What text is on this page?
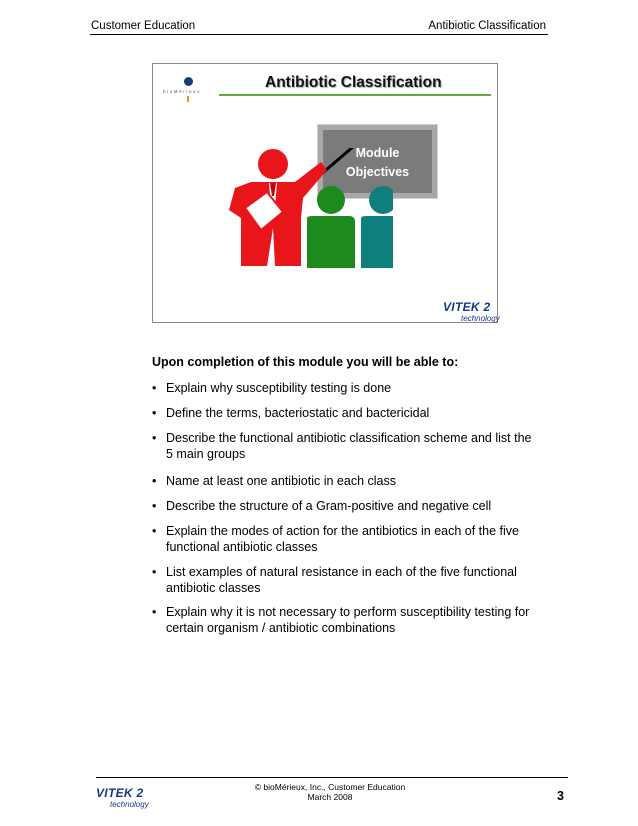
Customer Education	Antibiotic Classification
bioMérieux
Antibiotic Classification
Module
Objectives
VITEK 2
technology
Upon completion of this module you will be able to:
• Explain why susceptibility testing is done
• Define the terms, bacteriostatic and bactericidal
• Describe the functional antibiotic classification scheme and list the 5 main groups
• Name at least one antibiotic in each class
• Describe the structure of a Gram-positive and negative cell
• Explain the modes of action for the antibiotics in each of the five functional antibiotic classes
• List examples of natural resistance in each of the five functional antibiotic classes
• Explain why it is not necessary to perform susceptibility testing for certain organism / antibiotic combinations
VITEK 2
technology
© bioMérieux, Inc., Customer Education
March 2008	3
